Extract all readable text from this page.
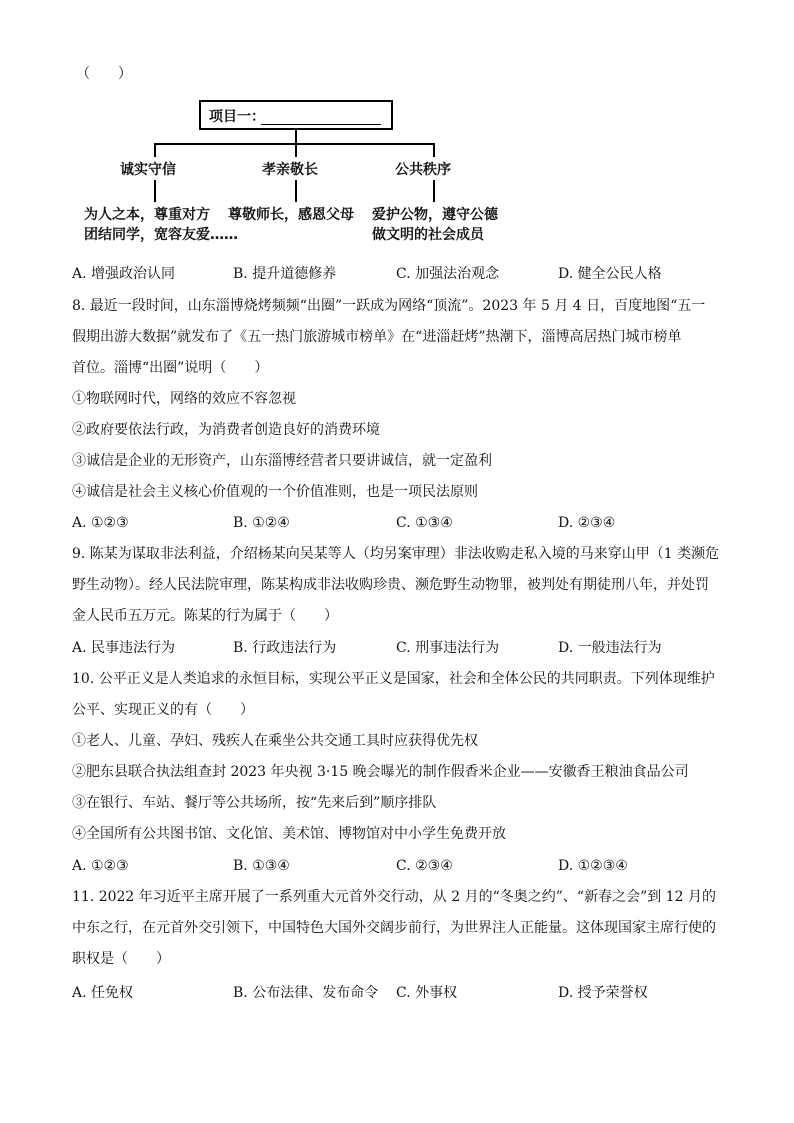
（　　）
项目一：
诚实守信	孝亲敬长	公共秩序
为人之本，尊重对方 尊敬师长，感恩父母 爱护公物，遵守公德
团结同学，宽容友爱……	做文明的社会成员
A. 增强政治认同	B. 提升道德修养	C. 加强法治观念	D. 健全公民人格
8. 最近一段时间，山东淄博烧烤频频“出圈”一跃成为网络“顶流”。2023 年 5 月 4 日，百度地图“五一
假期出游大数据”就发布了《五一热门旅游城市榜单》在“进淄赶烤”热潮下，淄博高居热门城市榜单
首位。淄博“出圈”说明（　　）
①物联网时代，网络的效应不容忽视
②政府要依法行政，为消费者创造良好的消费环境
③诚信是企业的无形资产，山东淄博经营者只要讲诚信，就一定盈利
④诚信是社会主义核心价值观的一个价值准则，也是一项民法原则
A. ①②③	B. ①②④	C. ①③④	D. ②③④
9. 陈某为谋取非法利益，介绍杨某向吴某等人（均另案审理）非法收购走私入境的马来穿山甲（1 类濒危
野生动物）。经人民法院审理，陈某构成非法收购珍贵、濒危野生动物罪，被判处有期徒刑八年，并处罚
金人民币五万元。陈某的行为属于（　　）
A. 民事违法行为	B. 行政违法行为	C. 刑事违法行为	D. 一般违法行为
10. 公平正义是人类追求的永恒目标，实现公平正义是国家，社会和全体公民的共同职责。下列体现维护
公平、实现正义的有（　　）
①老人、儿童、孕妇、残疾人在乘坐公共交通工具时应获得优先权
②肥东县联合执法组查封 2023 年央视 3·15 晚会曝光的制作假香米企业——安徽香王粮油食品公司
③在银行、车站、餐厅等公共场所，按“先来后到”顺序排队
④全国所有公共图书馆、文化馆、美术馆、博物馆对中小学生免费开放
A. ①②③	B. ①③④	C. ②③④	D. ①②③④
11. 2022 年习近平主席开展了一系列重大元首外交行动，从 2 月的“冬奥之约”、“新春之会”到 12 月的
中东之行，在元首外交引领下，中国特色大国外交阔步前行，为世界注人正能量。这体现国家主席行使的
职权是（　　）
A. 任免权	B. 公布法律、发布命令 C. 外事权	D. 授予荣誉权
